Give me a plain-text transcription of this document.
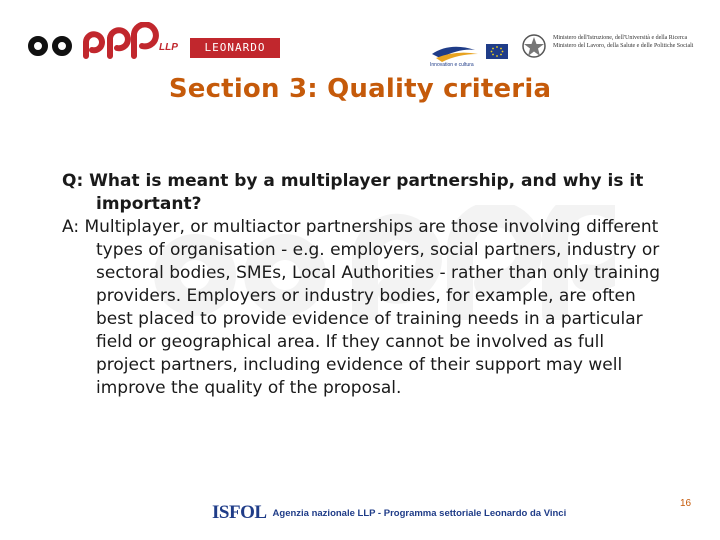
LLP	LEONARDO
Innovation e cultura
Ministero dell'Istruzione, dell'Università e della Ricerca
Ministero del Lavoro, della Salute e delle Politiche Sociali
Section 3: Quality criteria

Q: What is meant by a multiplayer partnership, and why is it important?

A: Multiplayer, or multiactor partnerships are those involving different types of organisation - e.g. employers, social partners, industry or sectoral bodies, SMEs, Local Authorities - rather than only training providers. Employers or industry bodies, for example, are often best placed to provide evidence of training needs in a particular field or geographical area. If they cannot be involved as full project partners, including evidence of their support may well improve the quality of the proposal.

ISFOL Agenzia nazionale LLP - Programma settoriale Leonardo da Vinci
16
